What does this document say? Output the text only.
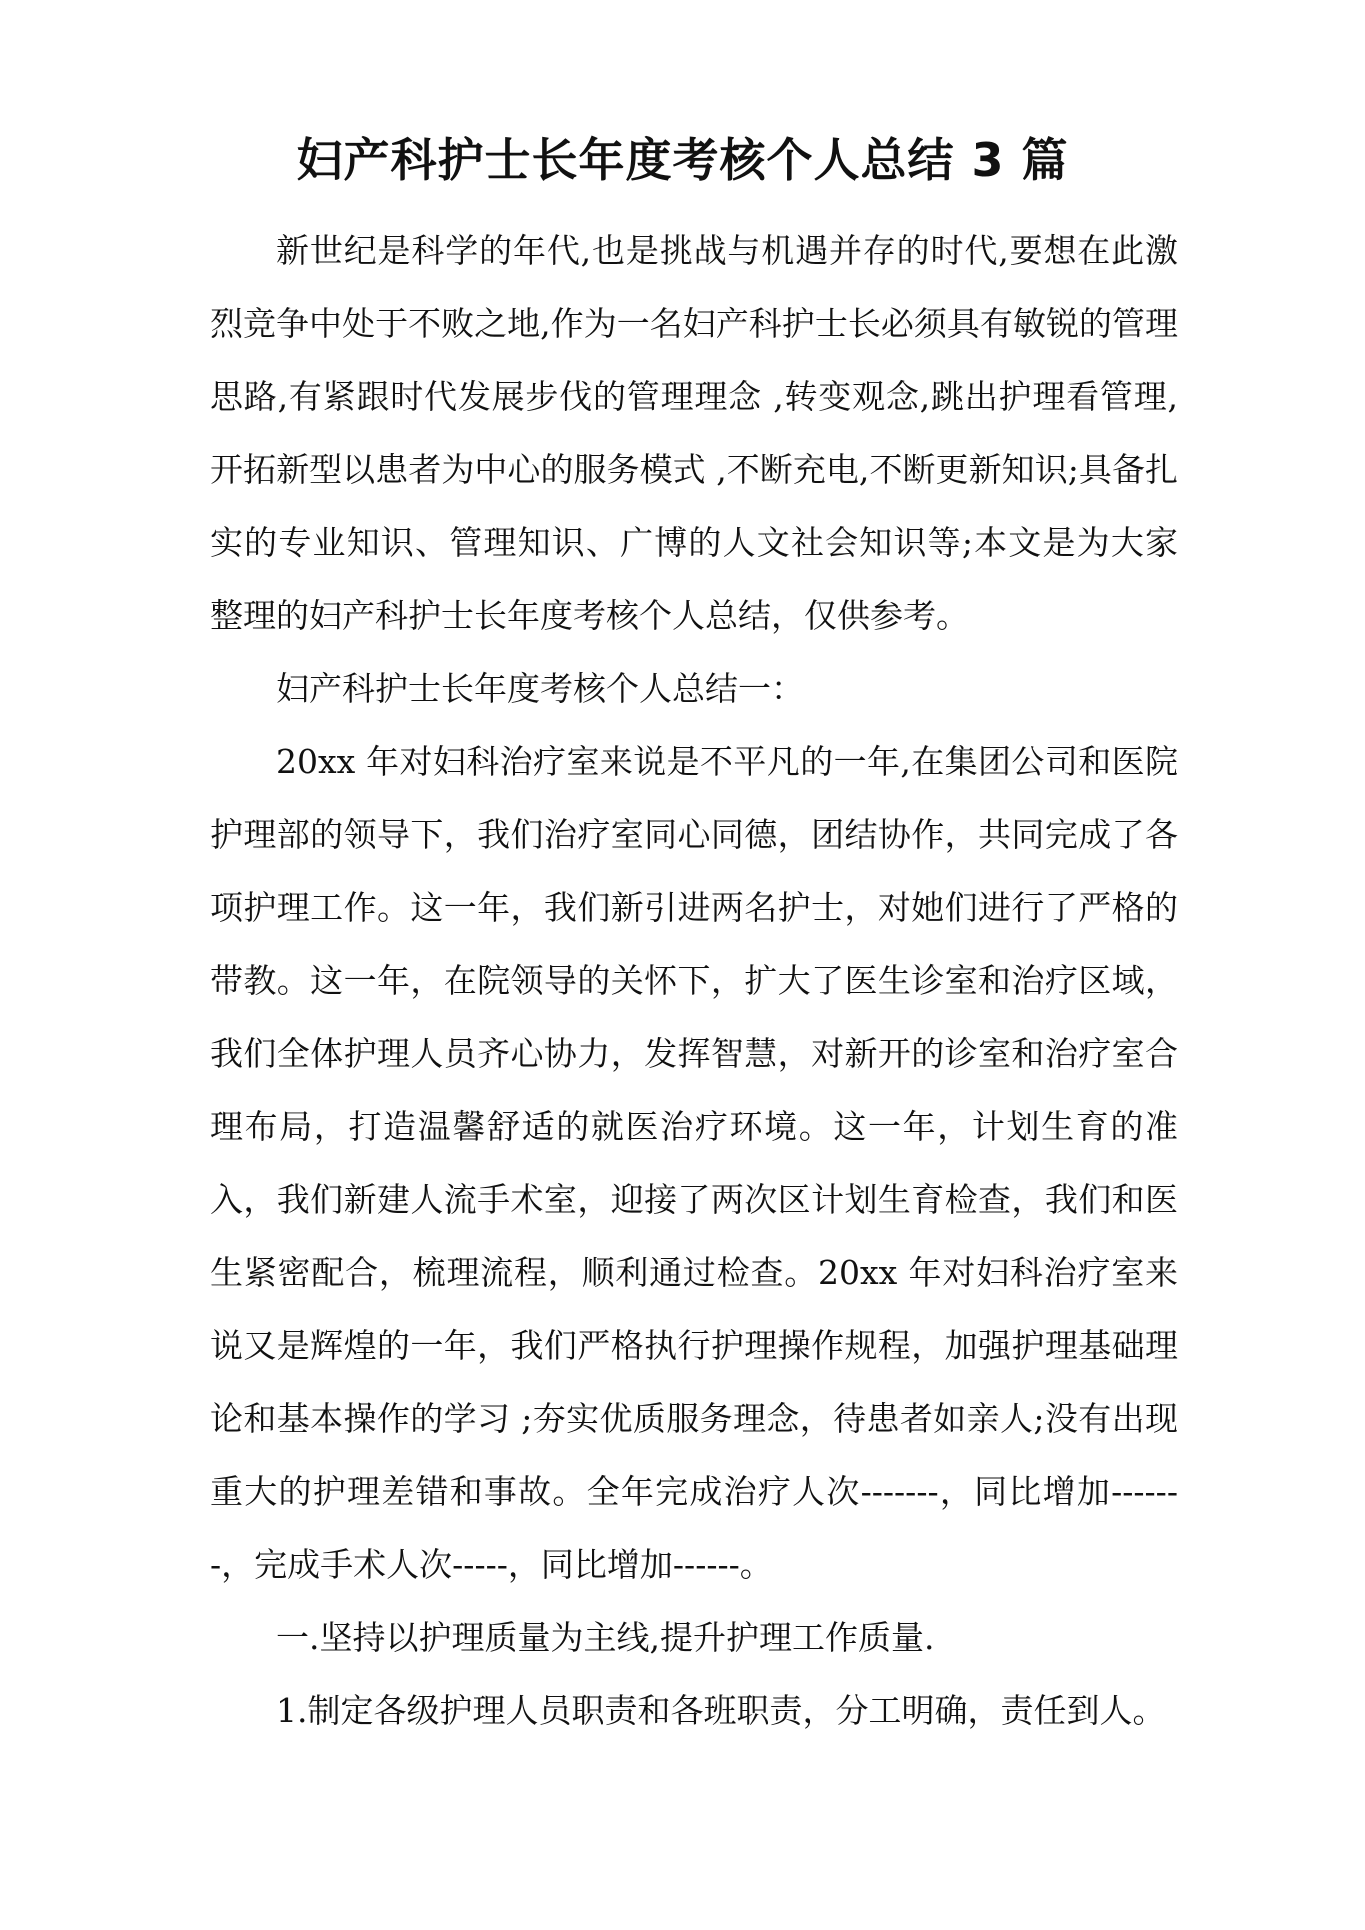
妇产科护士长年度考核个人总结 3 篇

新世纪是科学的年代,也是挑战与机遇并存的时代,要想在此激烈竞争中处于不败之地,作为一名妇产科护士长必须具有敏锐的管理思路,有紧跟时代发展步伐的管理理念 ,转变观念,跳出护理看管理,开拓新型以患者为中心的服务模式 ,不断充电,不断更新知识;具备扎实的专业知识、管理知识、广博的人文社会知识等;本文是为大家整理的妇产科护士长年度考核个人总结，仅供参考。

妇产科护士长年度考核个人总结一：

20xx 年对妇科治疗室来说是不平凡的一年,在集团公司和医院护理部的领导下，我们治疗室同心同德，团结协作，共同完成了各项护理工作。这一年，我们新引进两名护士，对她们进行了严格的带教。这一年，在院领导的关怀下，扩大了医生诊室和治疗区域，我们全体护理人员齐心协力，发挥智慧，对新开的诊室和治疗室合理布局，打造温馨舒适的就医治疗环境。这一年，计划生育的准入，我们新建人流手术室，迎接了两次区计划生育检查，我们和医生紧密配合，梳理流程，顺利通过检查。20xx 年对妇科治疗室来说又是辉煌的一年，我们严格执行护理操作规程，加强护理基础理论和基本操作的学习 ;夯实优质服务理念，待患者如亲人;没有出现重大的护理差错和事故。全年完成治疗人次-------，同比增加-------，完成手术人次-----，同比增加------。

一.坚持以护理质量为主线,提升护理工作质量.

1.制定各级护理人员职责和各班职责，分工明确，责任到人。
